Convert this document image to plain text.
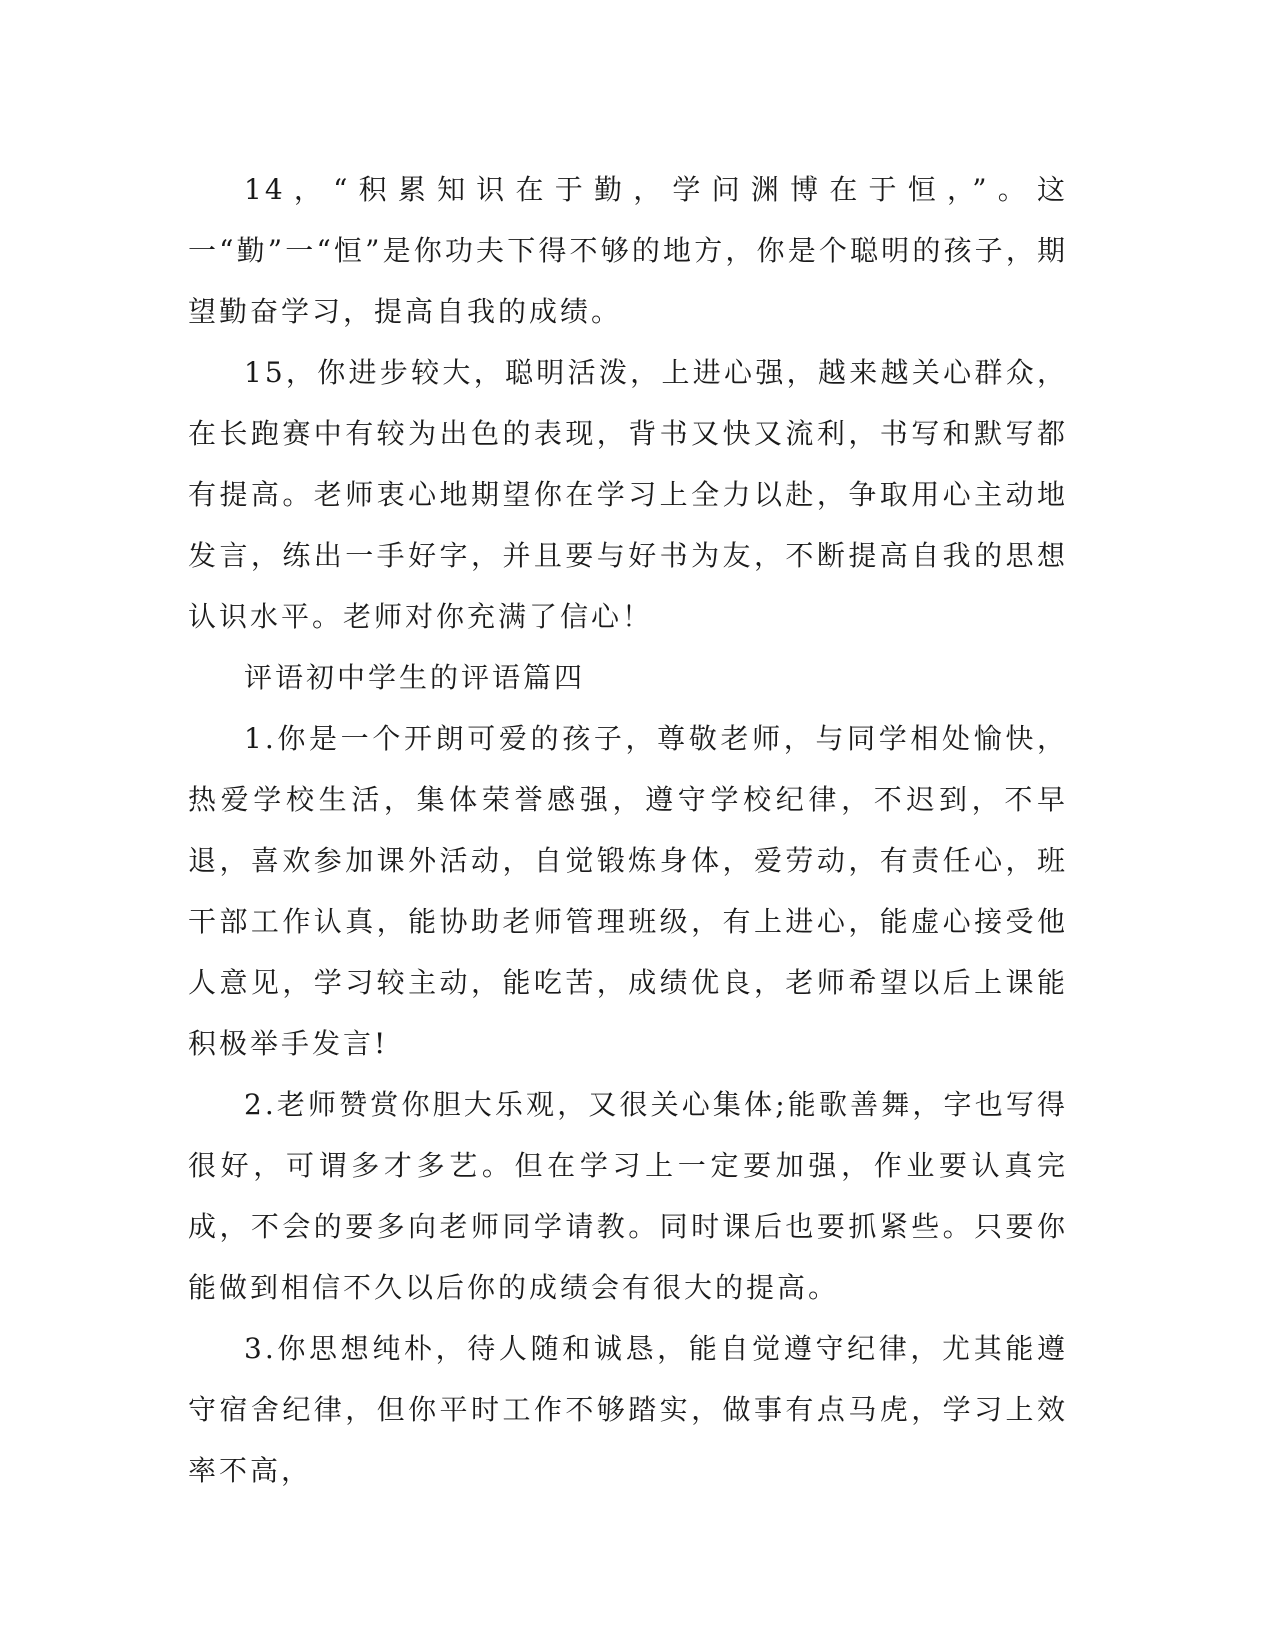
14，“积累知识在于勤，学问渊博在于恒，”。这一“勤”一“恒”是你功夫下得不够的地方，你是个聪明的孩子，期望勤奋学习，提高自我的成绩。

15，你进步较大，聪明活泼，上进心强，越来越关心群众，在长跑赛中有较为出色的表现，背书又快又流利，书写和默写都有提高。老师衷心地期望你在学习上全力以赴，争取用心主动地发言，练出一手好字，并且要与好书为友，不断提高自我的思想认识水平。老师对你充满了信心！

评语初中学生的评语篇四

1.你是一个开朗可爱的孩子，尊敬老师，与同学相处愉快，热爱学校生活，集体荣誉感强，遵守学校纪律，不迟到，不早退，喜欢参加课外活动，自觉锻炼身体，爱劳动，有责任心，班干部工作认真，能协助老师管理班级，有上进心，能虚心接受他人意见，学习较主动，能吃苦，成绩优良，老师希望以后上课能积极举手发言!

2.老师赞赏你胆大乐观，又很关心集体;能歌善舞，字也写得很好，可谓多才多艺。但在学习上一定要加强，作业要认真完成，不会的要多向老师同学请教。同时课后也要抓紧些。只要你能做到相信不久以后你的成绩会有很大的提高。

3.你思想纯朴，待人随和诚恳，能自觉遵守纪律，尤其能遵守宿舍纪律，但你平时工作不够踏实，做事有点马虎，学习上效率不高，
